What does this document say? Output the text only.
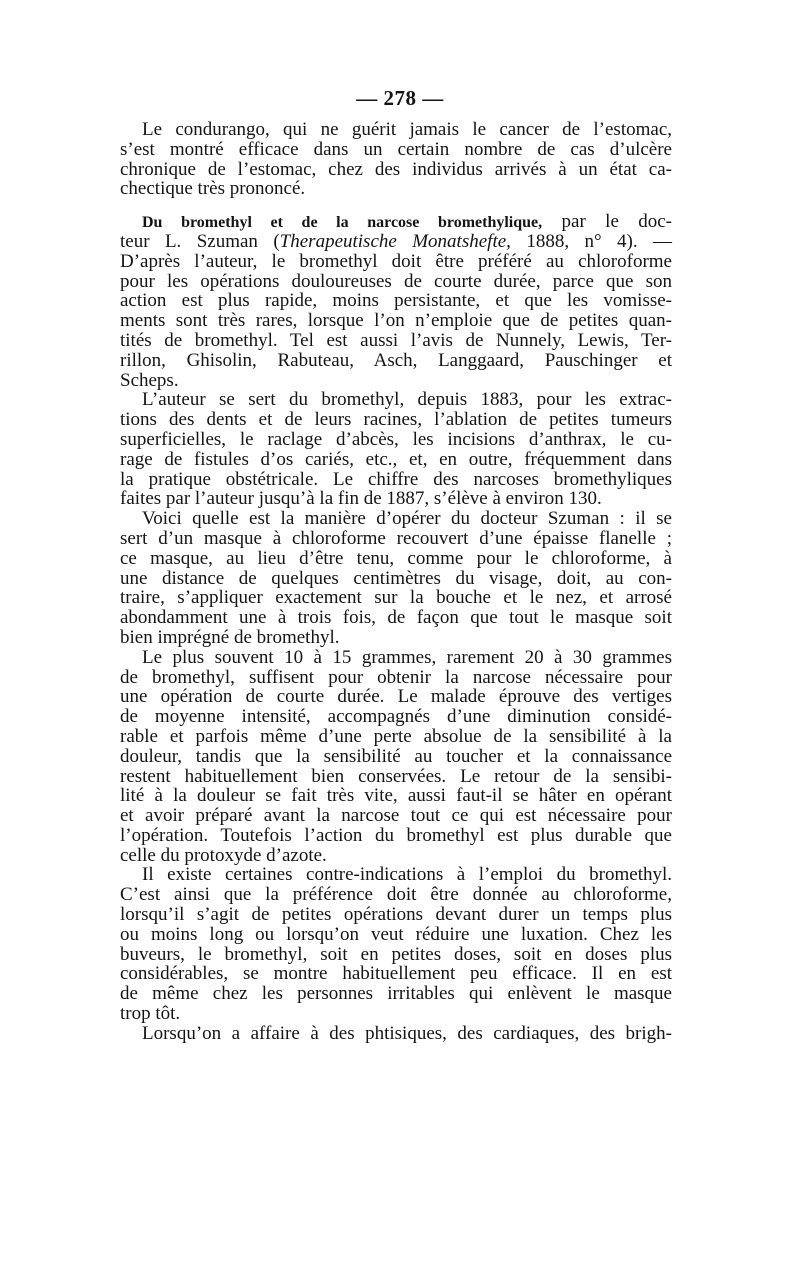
— 278 —
Le condurango, qui ne guérit jamais le cancer de l’estomac,
s’est montré efficace dans un certain nombre de cas d’ulcère
chronique de l’estomac, chez des individus arrivés à un état ca-
chectique très prononcé.
Du bromethyl et de la narcose bromethylique, par le doc-
teur L. Szuman (Therapeutische Monatshefte, 1888, n° 4). —
D’après l’auteur, le bromethyl doit être préféré au chloroforme
pour les opérations douloureuses de courte durée, parce que son
action est plus rapide, moins persistante, et que les vomisse-
ments sont très rares, lorsque l’on n’emploie que de petites quan-
tités de bromethyl. Tel est aussi l’avis de Nunnely, Lewis, Ter-
rillon, Ghisolin, Rabuteau, Asch, Langgaard, Pauschinger et
Scheps.
L’auteur se sert du bromethyl, depuis 1883, pour les extrac-
tions des dents et de leurs racines, l’ablation de petites tumeurs
superficielles, le raclage d’abcès, les incisions d’anthrax, le cu-
rage de fistules d’os cariés, etc., et, en outre, fréquemment dans
la pratique obstétricale. Le chiffre des narcoses bromethyliques
faites par l’auteur jusqu’à la fin de 1887, s’élève à environ 130.
Voici quelle est la manière d’opérer du docteur Szuman : il se
sert d’un masque à chloroforme recouvert d’une épaisse flanelle ;
ce masque, au lieu d’être tenu, comme pour le chloroforme, à
une distance de quelques centimètres du visage, doit, au con-
traire, s’appliquer exactement sur la bouche et le nez, et arrosé
abondamment une à trois fois, de façon que tout le masque soit
bien imprégné de bromethyl.
Le plus souvent 10 à 15 grammes, rarement 20 à 30 grammes
de bromethyl, suffisent pour obtenir la narcose nécessaire pour
une opération de courte durée. Le malade éprouve des vertiges
de moyenne intensité, accompagnés d’une diminution considé-
rable et parfois même d’une perte absolue de la sensibilité à la
douleur, tandis que la sensibilité au toucher et la connaissance
restent habituellement bien conservées. Le retour de la sensibi-
lité à la douleur se fait très vite, aussi faut-il se hâter en opérant
et avoir préparé avant la narcose tout ce qui est nécessaire pour
l’opération. Toutefois l’action du bromethyl est plus durable que
celle du protoxyde d’azote.
Il existe certaines contre-indications à l’emploi du bromethyl.
C’est ainsi que la préférence doit être donnée au chloroforme,
lorsqu’il s’agit de petites opérations devant durer un temps plus
ou moins long ou lorsqu’on veut réduire une luxation. Chez les
buveurs, le bromethyl, soit en petites doses, soit en doses plus
considérables, se montre habituellement peu efficace. Il en est
de même chez les personnes irritables qui enlèvent le masque
trop tôt.
Lorsqu’on a affaire à des phtisiques, des cardiaques, des brigh-
